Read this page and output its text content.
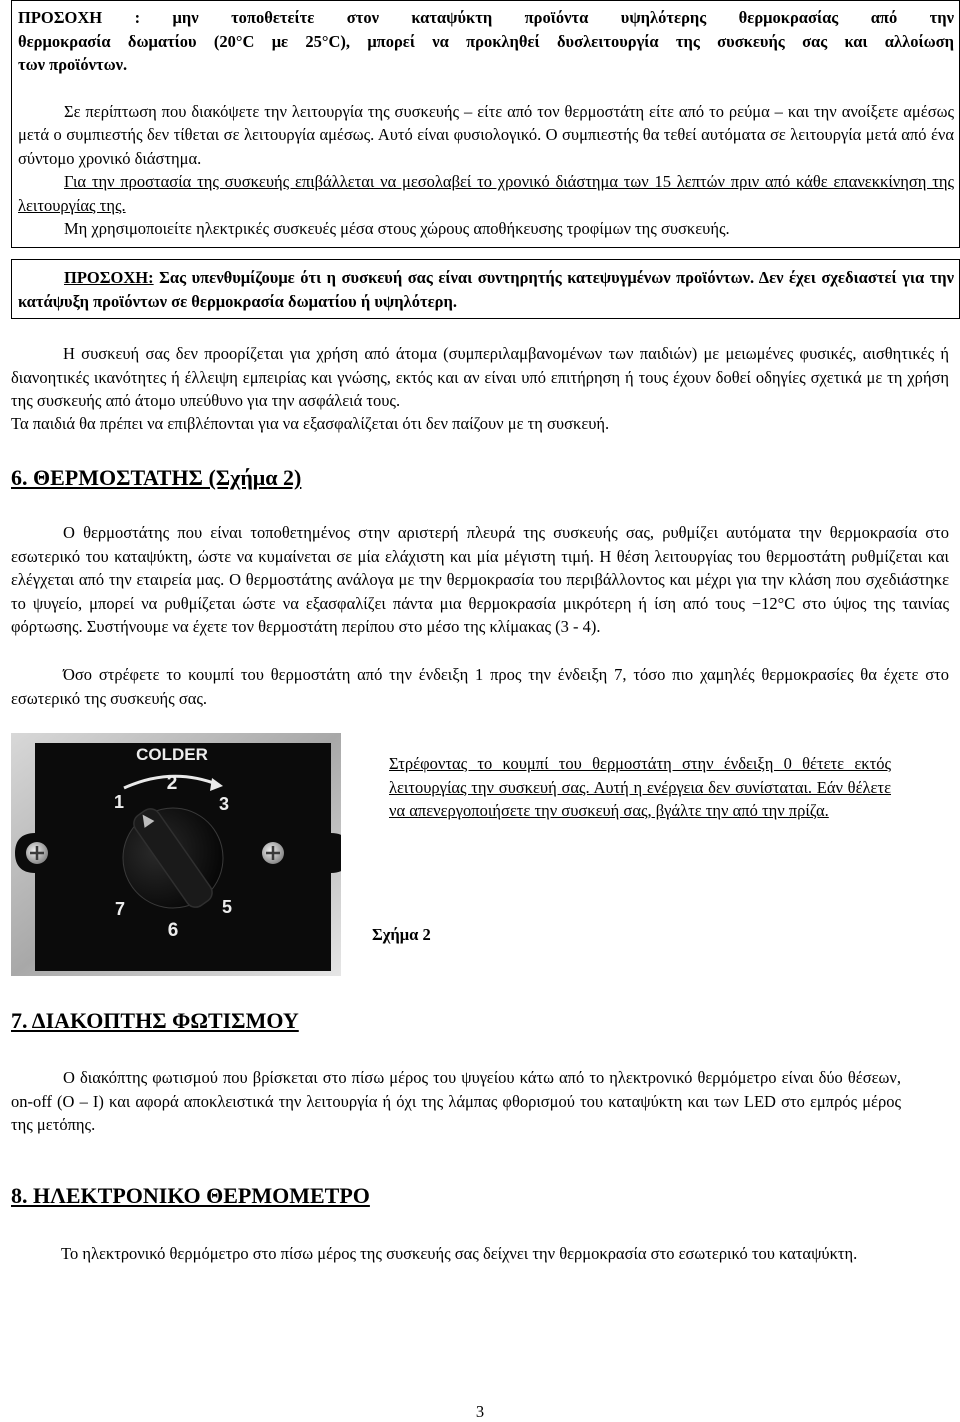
ΠΡΟΣΟΧΗ : μην τοποθετείτε στον καταψύκτη προϊόντα υψηλότερης θερμοκρασίας από την

θερμοκρασία δωματίου (20°C με 25°C), μπορεί να προκληθεί δυσλειτουργία της συσκευής σας και αλλοίωση

των προϊόντων.

Σε περίπτωση που διακόψετε την λειτουργία της συσκευής – είτε από τον θερμοστάτη είτε από το ρεύμα – και την ανοίξετε αμέσως μετά ο συμπιεστής δεν τίθεται σε λειτουργία αμέσως. Αυτό είναι φυσιολογικό. Ο συμπιεστής θα τεθεί αυτόματα σε λειτουργία μετά από ένα σύντομο χρονικό διάστημα.

Για την προστασία της συσκευής επιβάλλεται να μεσολαβεί το χρονικό διάστημα των 15 λεπτών πριν από κάθε επανεκκίνηση της λειτουργίας της.

Μη χρησιμοποιείτε ηλεκτρικές συσκευές μέσα στους χώρους αποθήκευσης τροφίμων της συσκευής.

ΠΡΟΣΟΧΗ: Σας υπενθυμίζουμε ότι η συσκευή σας είναι συντηρητής κατεψυγμένων προϊόντων. Δεν έχει σχεδιαστεί για την κατάψυξη προϊόντων σε θερμοκρασία δωματίου ή υψηλότερη.

Η συσκευή σας δεν προορίζεται για χρήση από άτομα (συμπεριλαμβανομένων των παιδιών) με μειωμένες φυσικές, αισθητικές ή διανοητικές ικανότητες ή έλλειψη εμπειρίας και γνώσης, εκτός και αν είναι υπό επιτήρηση ή τους έχουν δοθεί οδηγίες σχετικά με τη χρήση της συσκευής από άτομο υπεύθυνο για την ασφάλειά τους.

Τα παιδιά θα πρέπει να επιβλέπονται για να εξασφαλίζεται ότι δεν παίζουν με τη συσκευή.

6. ΘΕΡΜΟΣΤΑΤΗΣ (Σχήμα 2)

Ο θερμοστάτης που είναι τοποθετημένος στην αριστερή πλευρά της συσκευής σας, ρυθμίζει αυτόματα την θερμοκρασία στο εσωτερικό του καταψύκτη, ώστε να κυμαίνεται σε μία ελάχιστη και μία μέγιστη τιμή. Η θέση λειτουργίας του θερμοστάτη ρυθμίζεται και ελέγχεται από την εταιρεία μας. Ο θερμοστάτης ανάλογα με την θερμοκρασία του περιβάλλοντος και μέχρι για την κλάση που σχεδιάστηκε το ψυγείο, μπορεί να ρυθμίζεται ώστε να εξασφαλίζει πάντα μια θερμοκρασία μικρότερη ή ίση από τους −12°C στο ύψος της ταινίας φόρτωσης. Συστήνουμε να έχετε τον θερμοστάτη περίπου στο μέσο της κλίμακας (3 - 4).

Όσο στρέφετε το κουμπί του θερμοστάτη από την ένδειξη 1 προς την ένδειξη 7, τόσο πιο χαμηλές θερμοκρασίες θα έχετε στο εσωτερικό της συσκευής σας.

COLDER
1
2
3
5
6
7

Στρέφοντας το κουμπί του θερμοστάτη στην ένδειξη 0 θέτετε εκτός λειτουργίας την συσκευή σας. Αυτή η ενέργεια δεν συνίσταται. Εάν θέλετε να απενεργοποιήσετε την συσκευή σας, βγάλτε την από την πρίζα.

Σχήμα 2

7. ΔΙΑΚΟΠΤΗΣ ΦΩΤΙΣΜΟΥ

Ο διακόπτης φωτισμού που βρίσκεται στο πίσω μέρος του ψυγείου κάτω από το ηλεκτρονικό θερμόμετρο είναι δύο θέσεων, on-off (O – I) και αφορά αποκλειστικά την λειτουργία ή όχι της λάμπας φθορισμού του καταψύκτη και των LED στο εμπρός μέρος της μετόπης.

8. ΗΛΕΚΤΡΟΝΙΚΟ ΘΕΡΜΟΜΕΤΡΟ

Το ηλεκτρονικό θερμόμετρο στο πίσω μέρος της συσκευής σας δείχνει την θερμοκρασία στο εσωτερικό του καταψύκτη.

3
